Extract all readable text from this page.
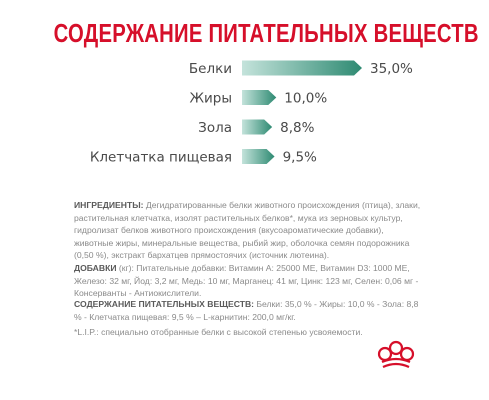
СОДЕРЖАНИЕ ПИТАТЕЛЬНЫХ ВЕЩЕСТВ
Белки	35,0%
Жиры	10,0%
Зола	8,8%
Клетчатка пищевая	9,5%
ИНГРЕДИЕНТЫ: Дегидратированные белки животного происхождения (птица), злаки, растительная клетчатка, изолят растительных белков*, мука из зерновых культур, гидролизат белков животного происхождения (вкусоароматические добавки), животные жиры, минеральные вещества, рыбий жир, оболочка семян подорожника (0,50 %), экстракт бархатцев прямостоячих (источник лютеина).
ДОБАВКИ (кг): Питательные добавки: Витамин А: 25000 МЕ, Витамин D3: 1000 МЕ, Железо: 32 мг, Йод: 3,2 мг, Медь: 10 мг, Марганец: 41 мг, Цинк: 123 мг, Селен: 0,06 мг - Консерванты - Антиокислители.
СОДЕРЖАНИЕ ПИТАТЕЛЬНЫХ ВЕЩЕСТВ: Белки: 35,0 % - Жиры: 10,0 % - Зола: 8,8 % - Клетчатка пищевая: 9,5 % – L-карнитин: 200,0 мг/кг.
*L.I.P.: специально отобранные белки с высокой степенью усвояемости.
